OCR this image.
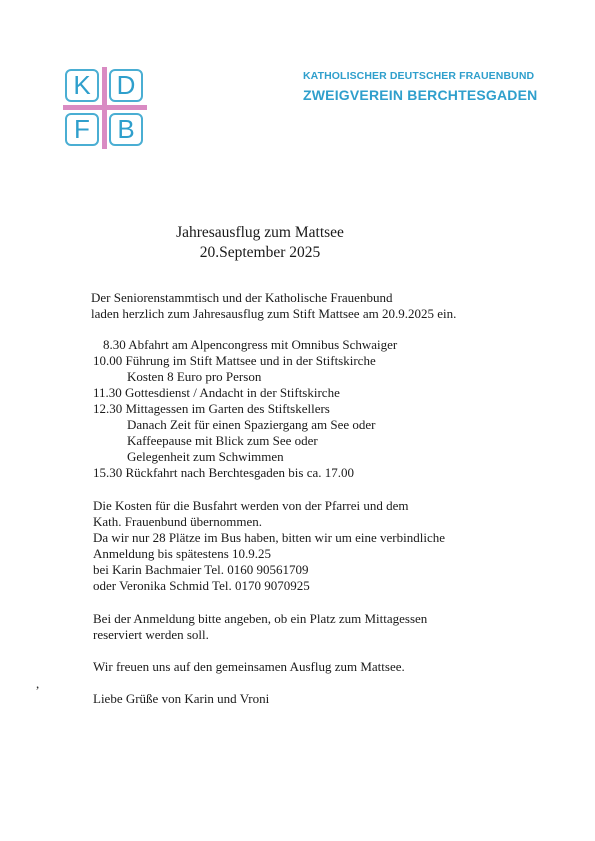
K D
F	B
KATHOLISCHER DEUTSCHER FRAUENBUND
ZWEIGVEREIN BERCHTESGADEN
Jahresausflug zum Mattsee
20.September 2025
Der Seniorenstammtisch und der Katholische Frauenbund
laden herzlich zum Jahresausflug zum Stift Mattsee am 20.9.2025 ein.
8.30 Abfahrt am Alpencongress mit Omnibus Schwaiger
10.00 Führung im Stift Mattsee und in der Stiftskirche
Kosten 8 Euro pro Person
11.30 Gottesdienst / Andacht in der Stiftskirche
12.30 Mittagessen im Garten des Stiftskellers
Danach Zeit für einen Spaziergang am See oder
Kaffeepause mit Blick zum See oder
Gelegenheit zum Schwimmen
15.30 Rückfahrt nach Berchtesgaden bis ca. 17.00
Die Kosten für die Busfahrt werden von der Pfarrei und dem
Kath. Frauenbund übernommen.
Da wir nur 28 Plätze im Bus haben, bitten wir um eine verbindliche
Anmeldung bis spätestens 10.9.25
bei Karin Bachmaier Tel. 0160 90561709
oder Veronika Schmid Tel. 0170 9070925
Bei der Anmeldung bitte angeben, ob ein Platz zum Mittagessen
reserviert werden soll.
Wir freuen uns auf den gemeinsamen Ausflug zum Mattsee.
,
Liebe Grüße von Karin und Vroni
